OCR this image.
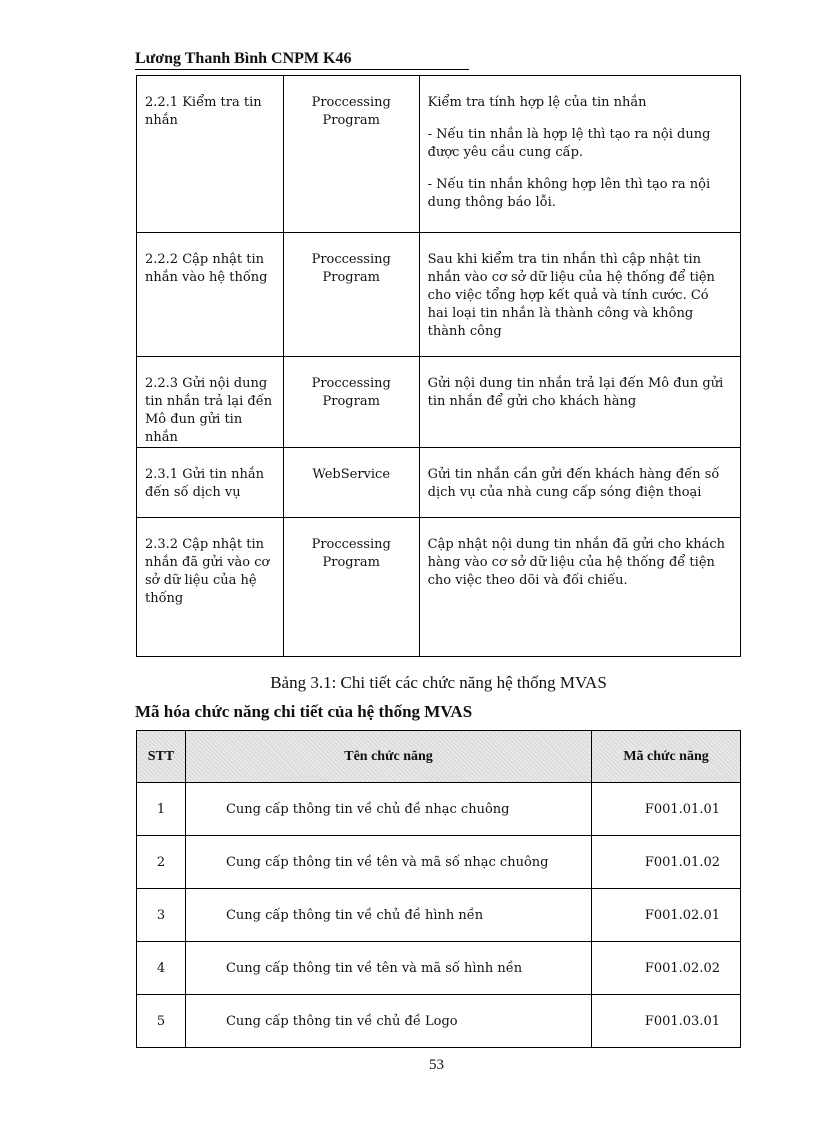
Lương Thanh Bình CNPM K46
2.2.1 Kiểm tra tin nhắn	Proccessing Program	Kiểm tra tính hợp lệ của tin nhắn

- Nếu tin nhắn là hợp lệ thì tạo ra nội dung được yêu cầu cung cấp.

- Nếu tin nhắn không hợp lên thì tạo ra nội dung thông báo lỗi.

2.2.2 Cập nhật tin nhắn vào hệ thống	Proccessing Program	Sau khi kiểm tra tin nhắn thì cập nhật tin nhắn vào cơ sở dữ liệu của hệ thống để tiện cho việc tổng hợp kết quả và tính cước. Có hai loại tin nhắn là thành công và không thành công

2.2.3 Gửi nội dung tin nhắn trả lại đến Mô đun gửi tin nhắn	Proccessing Program	Gửi nội dung tin nhắn trả lại đến Mô đun gửi tin nhắn để gửi cho khách hàng

2.3.1 Gửi tin nhắn đến số dịch vụ	WebService	Gửi tin nhắn cần gửi đến khách hàng đến số dịch vụ của nhà cung cấp sóng điện thoại

2.3.2 Cập nhật tin nhắn đã gửi vào cơ sở dữ liệu của hệ thống	Proccessing Program	Cập nhật nội dung tin nhắn đã gửi cho khách hàng vào cơ sở dữ liệu của hệ thống để tiện cho việc theo dõi và đối chiếu.

Bảng 3.1: Chi tiết các chức năng hệ thống MVAS
Mã hóa chức năng chi tiết của hệ thống MVAS
STT	Tên chức năng	Mã chức năng
1	Cung cấp thông tin về chủ đề nhạc chuông	F001.01.01
2	Cung cấp thông tin về tên và mã số nhạc chuông	F001.01.02
3	Cung cấp thông tin về chủ đề hình nền	F001.02.01
4	Cung cấp thông tin về tên và mã số hình nền	F001.02.02
5	Cung cấp thông tin về chủ đề Logo	F001.03.01
53
